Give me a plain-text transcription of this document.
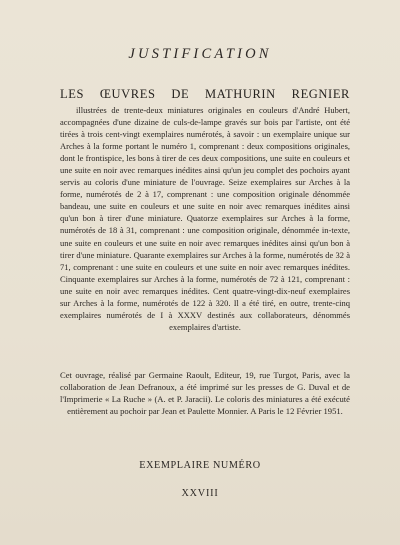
JUSTIFICATION
LES ŒUVRES DE MATHURIN REGNIER

illustrées de trente-deux miniatures originales en couleurs d'André Hubert, accompagnées d'une dizaine de culs-de-lampe gravés sur bois par l'artiste, ont été tirées à trois cent-vingt exemplaires numérotés, à savoir : un exemplaire unique sur Arches à la forme portant le numéro 1, comprenant : deux compositions originales, dont le frontispice, les bons à tirer de ces deux compositions, une suite en couleurs et une suite en noir avec remarques inédites ainsi qu'un jeu complet des pochoirs ayant servis au coloris d'une miniature de l'ouvrage. Seize exemplaires sur Arches à la forme, numérotés de 2 à 17, comprenant : une composition originale dénommée bandeau, une suite en couleurs et une suite en noir avec remarques inédites ainsi qu'un bon à tirer d'une miniature. Quatorze exemplaires sur Arches à la forme, numérotés de 18 à 31, comprenant : une composition originale, dénommée in-texte, une suite en couleurs et une suite en noir avec remarques inédites ainsi qu'un bon à tirer d'une miniature. Quarante exemplaires sur Arches à la forme, numérotés de 32 à 71, comprenant : une suite en couleurs et une suite en noir avec remarques inédites. Cinquante exemplaires sur Arches à la forme, numérotés de 72 à 121, comprenant : une suite en noir avec remarques inédites. Cent quatre-vingt-dix-neuf exemplaires sur Arches à la forme, numérotés de 122 à 320. Il a été tiré, en outre, trente-cinq exemplaires numérotés de I à XXXV destinés aux collaborateurs, dénommés exemplaires d'artiste.

Cet ouvrage, réalisé par Germaine Raoult, Editeur, 19, rue Turgot, Paris, avec la collaboration de Jean Defranoux, a été imprimé sur les presses de G. Duval et de l'Imprimerie « La Ruche » (A. et P. Jaracii). Le coloris des miniatures a été exécuté entièrement au pochoir par Jean et Paulette Monnier. A Paris le 12 Février 1951.

EXEMPLAIRE NUMÉRO
XXVIII
